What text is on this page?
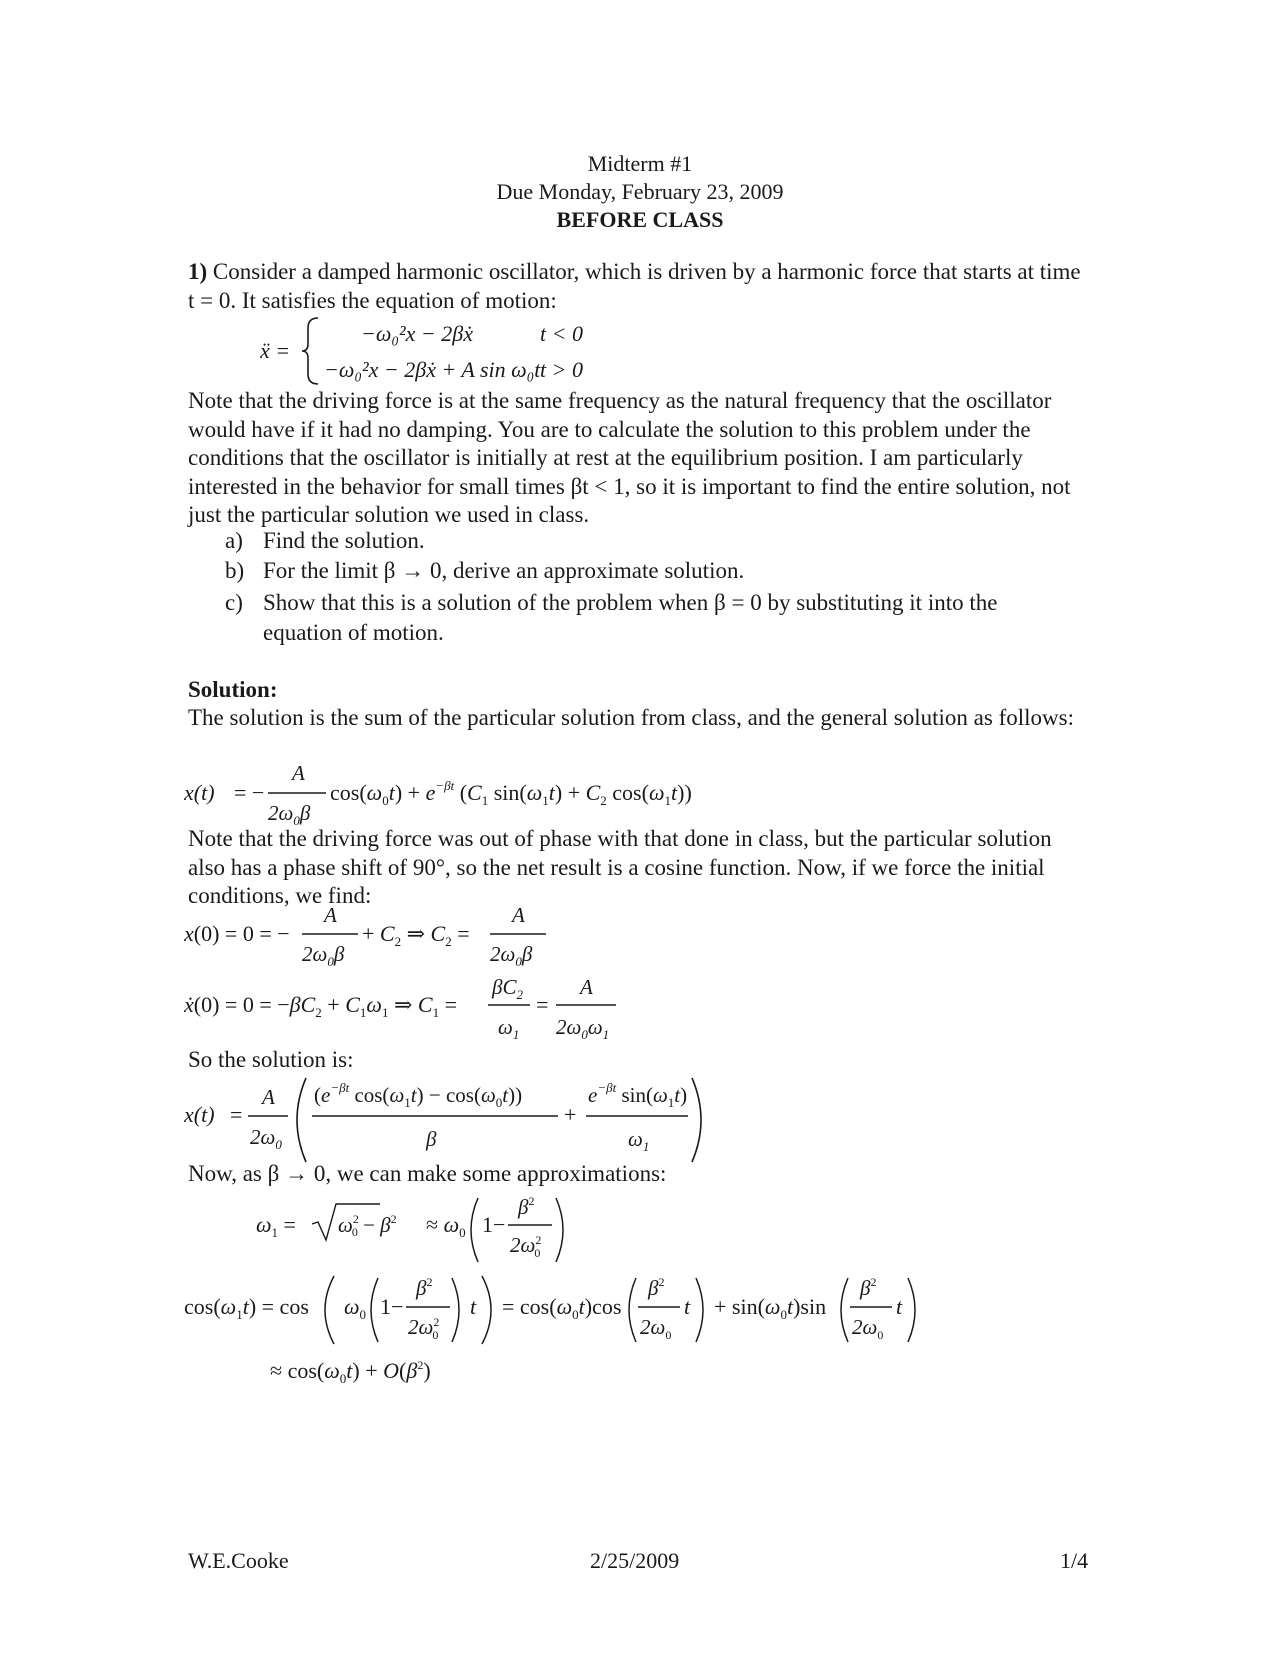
Midterm #1
Due Monday, February 23, 2009
BEFORE CLASS
1) Consider a damped harmonic oscillator, which is driven by a harmonic force that starts at time t = 0. It satisfies the equation of motion:
ẍ =
−ω₀²x − 2βẋ	t < 0
−ω₀²x − 2βẋ + A sin ω₀t t > 0
Note that the driving force is at the same frequency as the natural frequency that the oscillator would have if it had no damping. You are to calculate the solution to this problem under the conditions that the oscillator is initially at rest at the equilibrium position. I am particularly interested in the behavior for small times βt < 1, so it is important to find the entire solution, not just the particular solution we used in class.
a) Find the solution.
b) For the limit β → 0, derive an approximate solution.
c) Show that this is a solution of the problem when β = 0 by substituting it into the equation of motion.
Solution:
The solution is the sum of the particular solution from class, and the general solution as follows:
x(t) = −
A
$2\omega_0\beta$
$\cos(\omega_0t) + e^{-\beta t}$ ($C_1$ $\sin(\omega_1t) + C_2$ $\cos(\omega_1t)$)
Note that the driving force was out of phase with that done in class, but the particular solution also has a phase shift of 90°, so the net result is a cosine function. Now, if we force the initial conditions, we find:
x(0) = 0 = −
A
$2\omega_0\beta$
+ $C_2$ ⇒ $C_2$ =
A
$2\omega_0\beta$
ẋ(0) = $0 = -\beta C_2 + C_1\omega_1$ ⇒ $C_1$ =
$\beta C_2$
$\omega_1$
=
A
$2\omega_0\omega_1$
So the solution is:
x(t) =
A
$2\omega_0$
($e^{-\beta t}$ $\cos(\omega_1t) - \cos(\omega_0t)$)
β
+
$e^{-\beta t}$ $\sin(\omega_1t)$
$\omega_1$
Now, as β → 0, we can make some approximations:
$\omega_1 = \omega^2$ $0 - \beta^2 \approx \omega_0$ 1−
$\beta^2$
$2\omega^2$ 0
$\cos(\omega_1t) = \cos \omega_0$ 1−
$\beta^2$
$2\omega^2$ 0
$t = \cos(\omega_0t)\cos$
$\beta^2$
$2\omega_0$
$t + \sin(\omega_0t)\sin$
$\beta^2$
$2\omega_0$
t
≈ $\cos(\omega_0t) + O(\beta^2)$
W.E.Cooke	2/25/2009	1/4
